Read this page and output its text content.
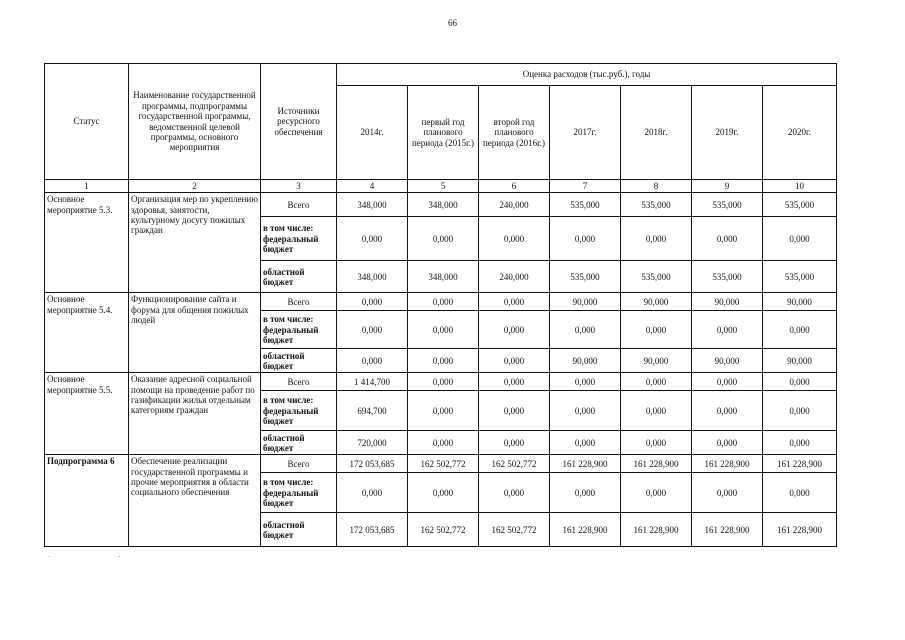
66
Статус	Наименование государственной программы, подпрограммы государственной программы, ведомственной целевой программы, основного мероприятия	Источники ресурсного обеспечения	Оценка расходов (тыс.руб.), годы						
			2014г.	первый год планового периода (2015г.)	второй год планового периода (2016г.)	2017г.	2018г.	2019г.	2020г.
1	2	3	4	5	6	7	8	9	10
Основное мероприятие 5.3.	Организация мер по укреплению здоровья, занятости, культурному досугу пожилых граждан	Всего	348,000	348,000	240,000	535,000	535,000	535,000	535,000
		в том числе: федеральный бюджет	0,000	0,000	0,000	0,000	0,000	0,000	0,000
		областной бюджет	348,000	348,000	240,000	535,000	535,000	535,000	535,000
Основное мероприятие 5.4.	Функционирование сайта и форума для общения пожилых людей	Всего	0,000	0,000	0,000	90,000	90,000	90,000	90,000
		в том числе: федеральный бюджет	0,000	0,000	0,000	0,000	0,000	0,000	0,000
		областной бюджет	0,000	0,000	0,000	90,000	90,000	90,000	90,000
Основное мероприятие 5.5.	Оказание адресной социальной помощи на проведение работ по газификации жилья отдельным категориям граждан	Всего	1 414,700	0,000	0,000	0,000	0,000	0,000	0,000
		в том числе: федеральный бюджет	694,700	0,000	0,000	0,000	0,000	0,000	0,000
		областной бюджет	720,000	0,000	0,000	0,000	0,000	0,000	0,000
Подпрограмма 6	Обеспечение реализации государственной программы и прочие мероприятия в области социального обеспечения	Всего	172 053,685	162 502,772	162 502,772	161 228,900	161 228,900	161 228,900	161 228,900
		в том числе: федеральный бюджет	0,000	0,000	0,000	0,000	0,000	0,000	0,000
		областной бюджет	172 053,685	162 502,772	162 502,772	161 228,900	161 228,900	161 228,900	161 228,900
·	·
